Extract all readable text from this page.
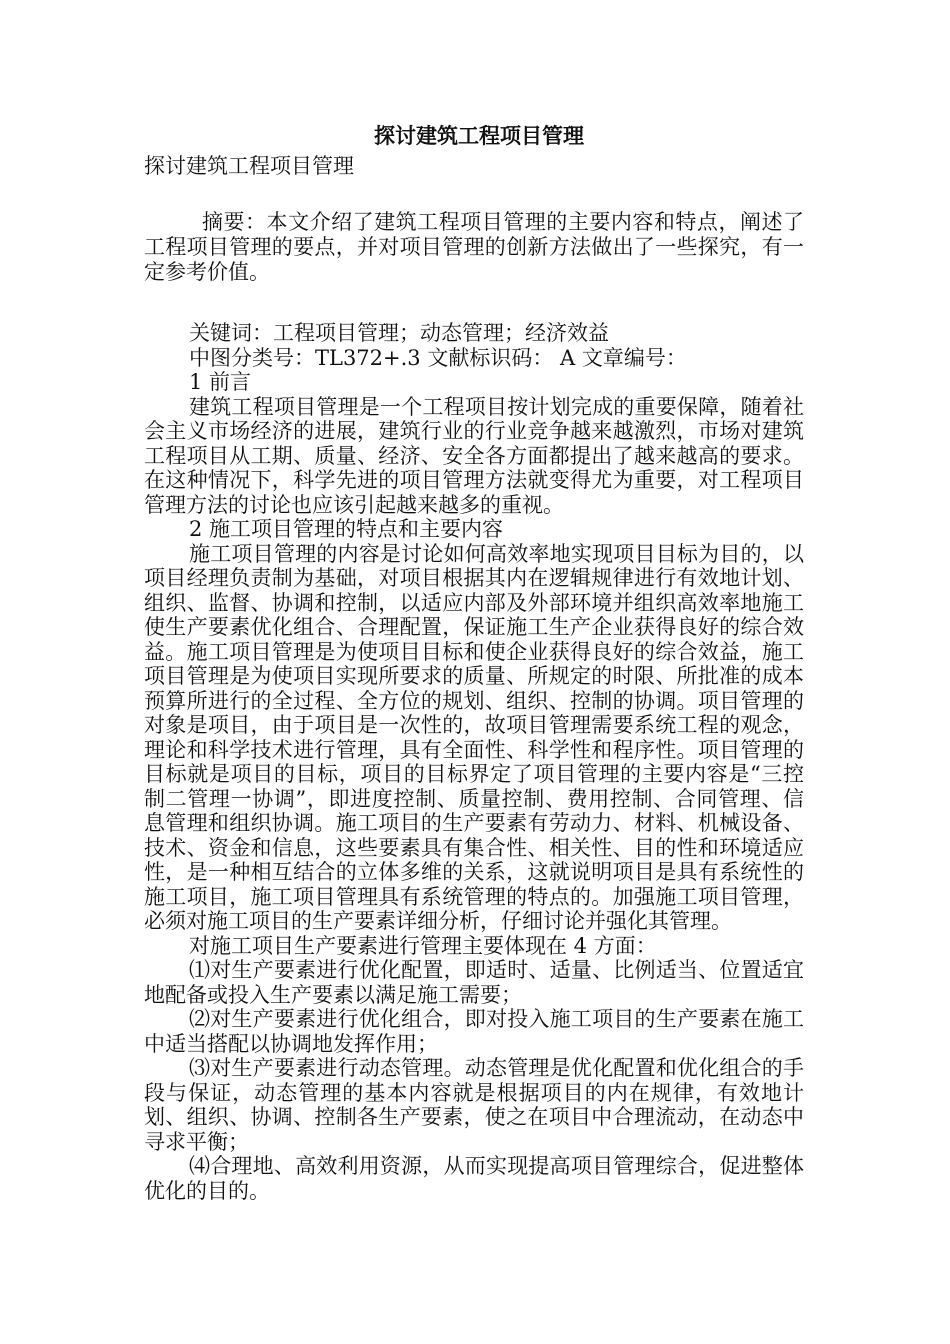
探讨建筑工程项目管理
探讨建筑工程项目管理

摘要：本文介绍了建筑工程项目管理的主要内容和特点，阐述了工程项目管理的要点，并对项目管理的创新方法做出了一些探究，有一定参考价值。

关键词：工程项目管理；动态管理；经济效益

中图分类号：TL372+.3 文献标识码： A 文章编号：

1 前言

建筑工程项目管理是一个工程项目按计划完成的重要保障，随着社会主义市场经济的进展，建筑行业的行业竞争越来越激烈，市场对建筑工程项目从工期、质量、经济、安全各方面都提出了越来越高的要求。在这种情况下，科学先进的项目管理方法就变得尤为重要，对工程项目管理方法的讨论也应该引起越来越多的重视。

2 施工项目管理的特点和主要内容

施工项目管理的内容是讨论如何高效率地实现项目目标为目的，以项目经理负责制为基础，对项目根据其内在逻辑规律进行有效地计划、组织、监督、协调和控制，以适应内部及外部环境并组织高效率地施工使生产要素优化组合、合理配置，保证施工生产企业获得良好的综合效益。施工项目管理是为使项目目标和使企业获得良好的综合效益，施工项目管理是为使项目实现所要求的质量、所规定的时限、所批准的成本预算所进行的全过程、全方位的规划、组织、控制的协调。项目管理的对象是项目，由于项目是一次性的，故项目管理需要系统工程的观念，理论和科学技术进行管理，具有全面性、科学性和程序性。项目管理的目标就是项目的目标，项目的目标界定了项目管理的主要内容是“三控制二管理一协调”，即进度控制、质量控制、费用控制、合同管理、信息管理和组织协调。施工项目的生产要素有劳动力、材料、机械设备、技术、资金和信息，这些要素具有集合性、相关性、目的性和环境适应性，是一种相互结合的立体多维的关系，这就说明项目是具有系统性的施工项目，施工项目管理具有系统管理的特点的。加强施工项目管理，必须对施工项目的生产要素详细分析，仔细讨论并强化其管理。

对施工项目生产要素进行管理主要体现在 4 方面：

⑴对生产要素进行优化配置，即适时、适量、比例适当、位置适宜地配备或投入生产要素以满足施工需要；

⑵对生产要素进行优化组合，即对投入施工项目的生产要素在施工中适当搭配以协调地发挥作用；

⑶对生产要素进行动态管理。动态管理是优化配置和优化组合的手段与保证，动态管理的基本内容就是根据项目的内在规律，有效地计划、组织、协调、控制各生产要素，使之在项目中合理流动，在动态中寻求平衡；

⑷合理地、高效利用资源，从而实现提高项目管理综合，促进整体优化的目的。
